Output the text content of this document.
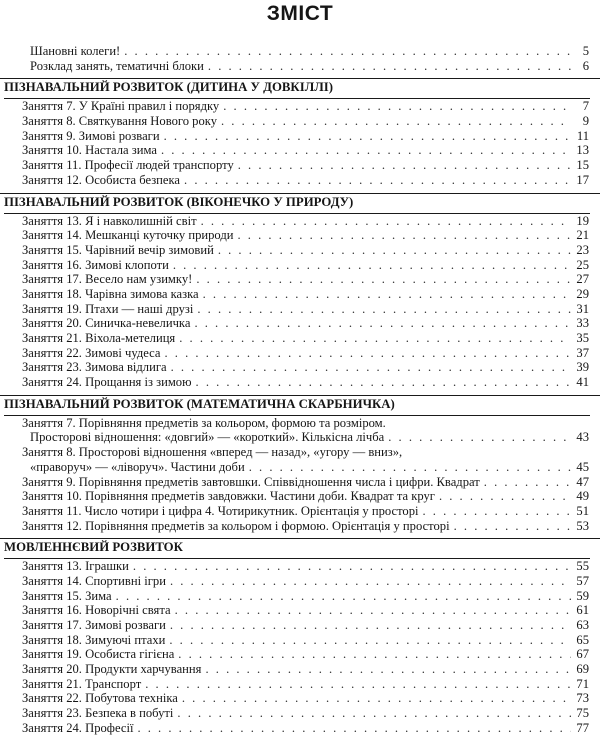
ЗМІСТ
Шановні колеги! . . .	5
Розклад занять, тематичні блоки . . .	6
ПІЗНАВАЛЬНИЙ РОЗВИТОК (ДИТИНА У ДОВКІЛЛІ)
Заняття 7. У Країні правил і порядку . . .	7
Заняття 8. Святкування Нового року . . .	9
Заняття 9. Зимові розваги . . .	11
Заняття 10. Настала зима . . .	13
Заняття 11. Професії людей транспорту . . .	15
Заняття 12. Особиста безпека . . .	17
ПІЗНАВАЛЬНИЙ РОЗВИТОК (ВІКОНЕЧКО У ПРИРОДУ)
Заняття 13. Я і навколишній світ . . .	19
Заняття 14. Мешканці куточку природи . . .	21
Заняття 15. Чарівний вечір зимовий . . .	23
Заняття 16. Зимові клопоти . . .	25
Заняття 17. Весело нам узимку! . . .	27
Заняття 18. Чарівна зимова казка . . .	29
Заняття 19. Птахи — наші друзі . . .	31
Заняття 20. Синичка-невеличка . . .	33
Заняття 21. Віхола-метелиця . . .	35
Заняття 22. Зимові чудеса . . .	37
Заняття 23. Зимова відлига . . .	39
Заняття 24. Прощання із зимою . . .	41
ПІЗНАВАЛЬНИЙ РОЗВИТОК (МАТЕМАТИЧНА СКАРБНИЧКА)
Заняття 7. Порівняння предметів за кольором, формою та розміром.
Просторові відношення: «довгий» — «короткий». Кількісна лічба . . .	43
Заняття 8. Просторові відношення «вперед — назад», «угору — вниз»,
«праворуч» — «ліворуч». Частини доби . . .	45
Заняття 9. Порівняння предметів завтовшки. Співвідношення числа і цифри. Квадрат . . .	47
Заняття 10. Порівняння предметів завдовжки. Частини доби. Квадрат та круг . . .	49
Заняття 11. Число чотири і цифра 4. Чотирикутник. Орієнтація у просторі . . .	51
Заняття 12. Порівняння предметів за кольором і формою. Орієнтація у просторі . . .	53
МОВЛЕННЄВИЙ РОЗВИТОК
Заняття 13. Іграшки . . .	55
Заняття 14. Спортивні ігри . . .	57
Заняття 15. Зима . . .	59
Заняття 16. Новорічні свята . . .	61
Заняття 17. Зимові розваги . . .	63
Заняття 18. Зимуючі птахи . . .	65
Заняття 19. Особиста гігієна . . .	67
Заняття 20. Продукти харчування . . .	69
Заняття 21. Транспорт . . .	71
Заняття 22. Побутова техніка . . .	73
Заняття 23. Безпека в побуті . . .	75
Заняття 24. Професії . . .	77
